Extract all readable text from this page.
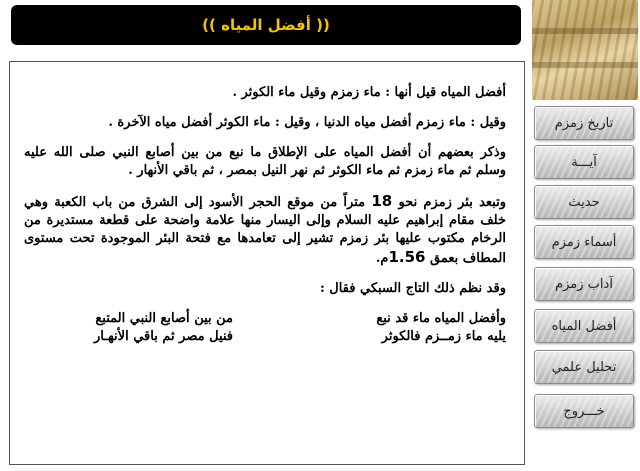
(( أفضل المياه ))

أفضل المياه قيل أنها : ماء زمزم وقيل ماء الكوثر .

وقيل : ماء زمزم أفضل مياه الدنيا ، وقيل : ماء الكوثر أفضل مياه الآخرة .

وذكر بعضهم أن أفضل المياه على الإطلاق ما نبع من بين أصابع النبي صلى الله عليه وسلم ثم ماء زمزم ثم ماء الكوثر ثم نهر النيل بمصر ، ثم باقي الأنهار .

وتبعد بئر زمزم نحو 18 متراً من موقع الحجر الأسود إلى الشرق من باب الكعبة وهي خلف مقام إبراهيم عليه السلام وإلى اليسار منها علامة واضحة على قطعة مستديرة من الرخام مكتوب عليها بئر زمزم تشير إلى تعامدها مع فتحة البئر الموجودة تحت مستوى المطاف بعمق 1.56م.

وقد نظم ذلك التاج السبكي فقال :

وأفضل المياه ماء قد نبع
يليه ماء زمــزم فالكوثر
من بين أصابع النبي المتبع
فنيل مصر ثم باقي الأنهـار
تاريخ زمزم
آيـــة
حديث
أسماء زمزم
آداب زمزم
أفضل المياه
تحليل علمي
خـــروج
